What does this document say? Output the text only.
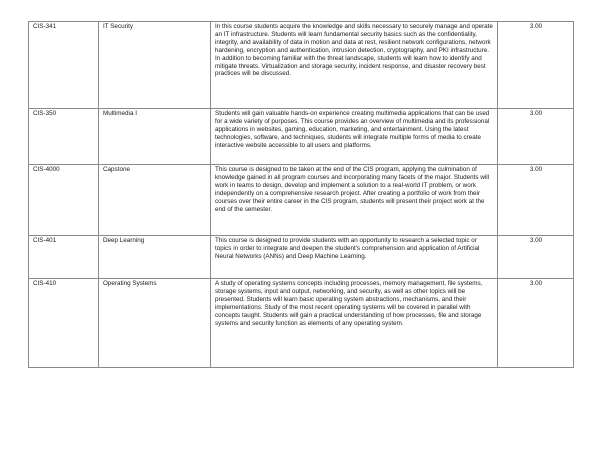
CIS-341	IT Security	In this course students acquire the knowledge and skills necessary to securely manage and operate an IT infrastructure. Students will learn fundamental security basics such as the confidentiality, integrity, and availability of data in motion and data at rest, resilient network configurations, network hardening, encryption and authentication, intrusion detection, cryptography, and PKI infrastructure. In addition to becoming familiar with the threat landscape, students will learn how to identify and mitigate threats. Virtualization and storage security, incident response, and disaster recovery best practices will be discussed.	3.00
CIS-350	Multimedia I	Students will gain valuable hands-on experience creating multimedia applications that can be used for a wide variety of purposes. This course provides an overview of multimedia and its professional applications in websites, gaming, education, marketing, and entertainment. Using the latest technologies, software, and techniques, students will integrate multiple forms of media to create interactive website accessible to all users and platforms.	3.00
CIS-4000	Capstone	This course is designed to be taken at the end of the CIS program, applying the culmination of knowledge gained in all program courses and incorporating many facets of the major. Students will work in teams to design, develop and implement a solution to a real-world IT problem, or work independently on a comprehensive research project. After creating a portfolio of work from their courses over their entire career in the CIS program, students will present their project work at the end of the semester.	3.00
CIS-401	Deep Learning	This course is designed to provide students with an opportunity to research a selected topic or topics in order to integrate and deepen the student's comprehension and application of Artificial Neural Networks (ANNs) and Deep Machine Learning.	3.00
CIS-410	Operating Systems	A study of operating systems concepts including processes, memory management, file systems, storage systems, input and output, networking, and security, as well as other topics will be presented. Students will learn basic operating system abstractions, mechanisms, and their implementations. Study of the most recent operating systems will be covered in parallel with concepts taught. Students will gain a practical understanding of how processes, file and storage systems and security function as elements of any operating system.	3.00
